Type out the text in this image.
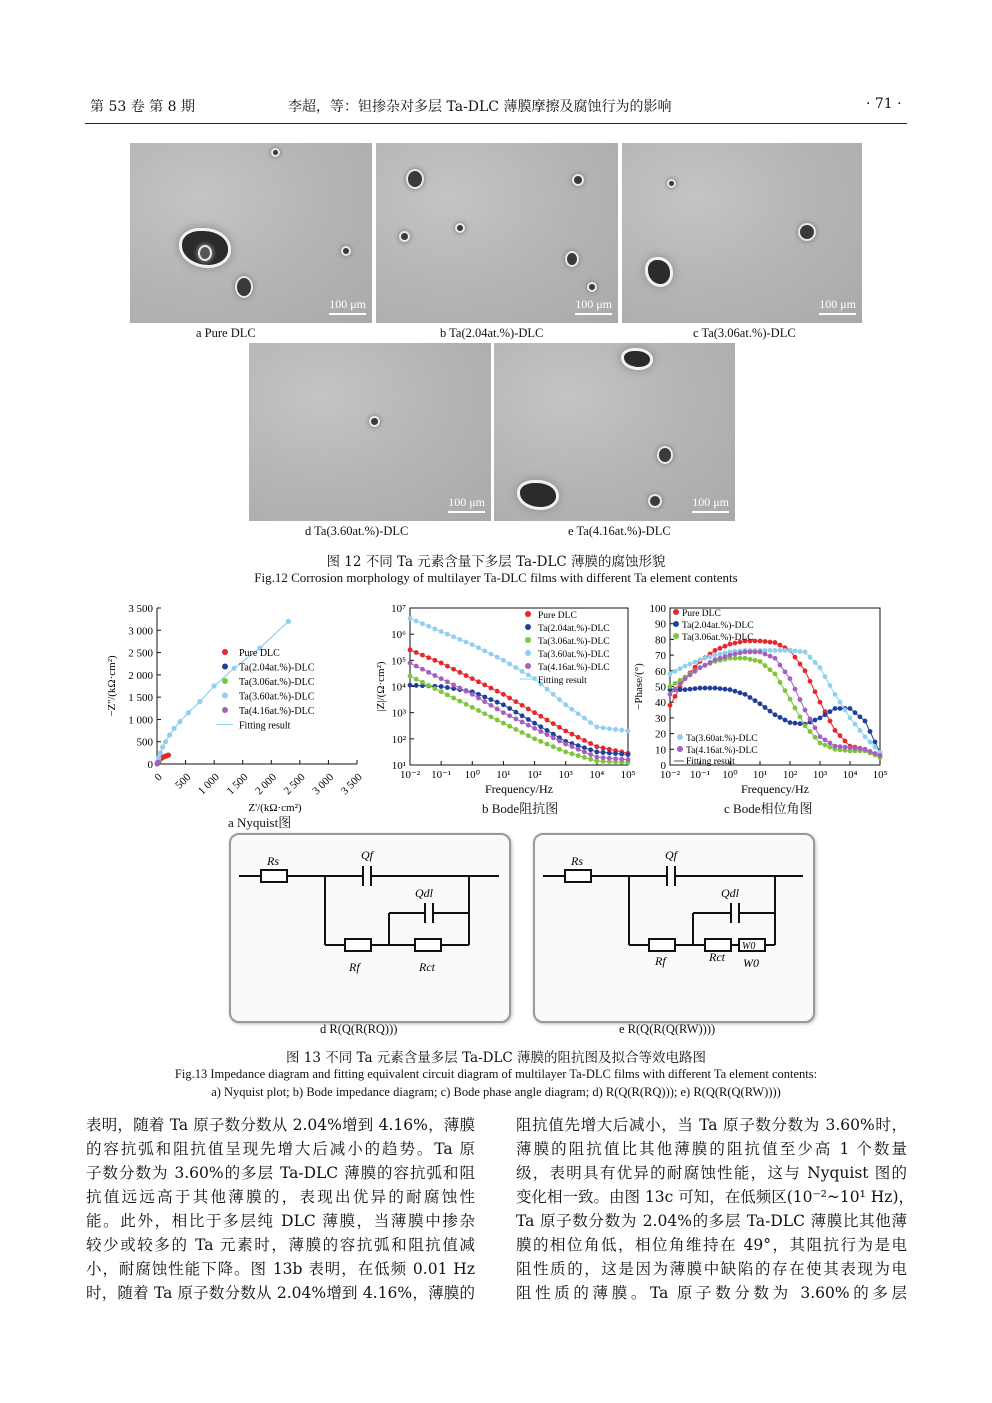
第 53 卷 第 8 期	李超，等：钽掺杂对多层 Ta-DLC 薄膜摩擦及腐蚀行为的影响	· 71 ·
100 μm	100 μm	100 μm
a Pure DLC	b Ta(2.04at.%)-DLC	c Ta(3.06at.%)-DLC
100 μm	100 μm
d Ta(3.60at.%)-DLC	e Ta(4.16at.%)-DLC
图 12 不同 Ta 元素含量下多层 Ta-DLC 薄膜的腐蚀形貌
Fig.12 Corrosion morphology of multilayer Ta-DLC films with different Ta element contents
0
500
1 000
1 500
2 000
2 500
3 000
3 500
0 500 1 000 1 500 2 000 2 500 3 000 3 500
−Z''/(kΩ·cm²)
Z'/(kΩ·cm²)
Pure DLC
Ta(2.04at.%)-DLC
Ta(3.06at.%)-DLC
Ta(3.60at.%)-DLC
Ta(4.16at.%)-DLC
Fitting result
10¹
10²
10³
10⁴
10⁵
10⁶
10⁷
10⁻² 10⁻¹ 10⁰ 10¹ 10² 10³ 10⁴ 10⁵
|Z|/(Ω·cm²)
Frequency/Hz
Pure DLC
Ta(2.04at.%)-DLC
Ta(3.06at.%)-DLC
Ta(3.60at.%)-DLC
Ta(4.16at.%)-DLC
Fitting result
0
10
20
30
40
50
60
70
80
90
100
10⁻² 10⁻¹ 10⁰ 10¹ 10² 10³ 10⁴ 10⁵
−Phase/(°)
Frequency/Hz
Pure DLC
Ta(2.04at.%)-DLC
Ta(3.06at.%)-DLC
Ta(3.60at.%)-DLC
Ta(4.16at.%)-DLC
Fitting result
a Nyquist图
b Bode阻抗图	c Bode相位角图
Rs	Qf
Qdl
Rf	Rct
Rs	Qf
Qdl
Rf	Rct
W0
W0
d R(Q(R(RQ)))	e R(Q(R(Q(RW))))
图 13 不同 Ta 元素含量多层 Ta-DLC 薄膜的阻抗图及拟合等效电路图
Fig.13 Impedance diagram and fitting equivalent circuit diagram of multilayer Ta-DLC films with different Ta element contents:
a) Nyquist plot; b) Bode impedance diagram; c) Bode phase angle diagram; d) R(Q(R(RQ))); e) R(Q(R(Q(RW))))
表明，随着 Ta 原子数分数从 2.04%增到 4.16%，薄膜
的容抗弧和阻抗值呈现先增大后减小的趋势。Ta 原
子数分数为 3.60%的多层 Ta-DLC 薄膜的容抗弧和阻
抗值远远高于其他薄膜的，表现出优异的耐腐蚀性
能。此外，相比于多层纯 DLC 薄膜，当薄膜中掺杂
较少或较多的 Ta 元素时，薄膜的容抗弧和阻抗值减
小，耐腐蚀性能下降。图 13b 表明，在低频 0.01 Hz
时，随着 Ta 原子数分数从 2.04%增到 4.16%，薄膜的
阻抗值先增大后减小，当 Ta 原子数分数为 3.60%时，
薄膜的阻抗值比其他薄膜的阻抗值至少高 1 个数量
级，表明具有优异的耐腐蚀性能，这与 Nyquist 图的
变化相一致。由图 13c 可知，在低频区(10⁻²~10¹ Hz)，
Ta 原子数分数为 2.04%的多层 Ta-DLC 薄膜比其他薄
膜的相位角低，相位角维持在 49°，其阻抗行为是电
阻性质的，这是因为薄膜中缺陷的存在使其表现为电
阻性质的薄膜。Ta 原子数分数为 3.60%的多层
